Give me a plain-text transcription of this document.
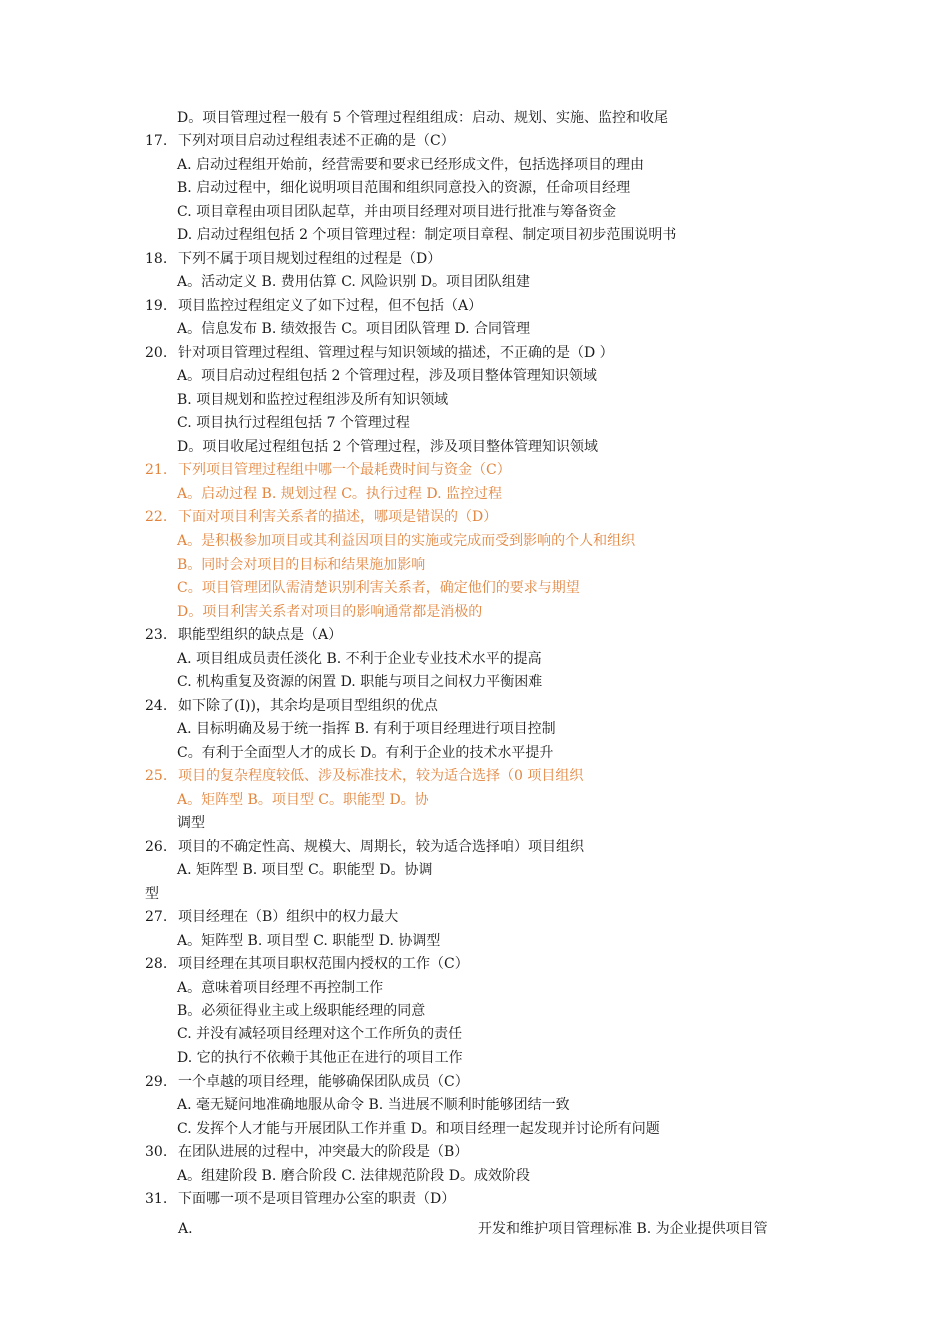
D。项目管理过程一般有 5 个管理过程组组成：启动、规划、实施、监控和收尾
17. 下列对项目启动过程组表述不正确的是（C）
A. 启动过程组开始前，经营需要和要求已经形成文件，包括选择项目的理由
B. 启动过程中，细化说明项目范围和组织同意投入的资源，任命项目经理
C. 项目章程由项目团队起草，并由项目经理对项目进行批准与筹备资金
D. 启动过程组包括 2 个项目管理过程：制定项目章程、制定项目初步范围说明书
18. 下列不属于项目规划过程组的过程是（D）
A。活动定义 B. 费用估算 C. 风险识别 D。项目团队组建
19. 项目监控过程组定义了如下过程，但不包括（A）
A。信息发布 B. 绩效报告 C。项目团队管理 D. 合同管理
20. 针对项目管理过程组、管理过程与知识领域的描述，不正确的是（D ）
A。项目启动过程组包括 2 个管理过程，涉及项目整体管理知识领域
B. 项目规划和监控过程组涉及所有知识领域
C. 项目执行过程组包括 7 个管理过程
D。项目收尾过程组包括 2 个管理过程，涉及项目整体管理知识领域
21. 下列项目管理过程组中哪一个最耗费时间与资金（C）
A。启动过程 B. 规划过程 C。执行过程 D. 监控过程
22. 下面对项目利害关系者的描述，哪项是错误的（D）
A。是积极参加项目或其利益因项目的实施或完成而受到影响的个人和组织
B。同时会对项目的目标和结果施加影响
C。项目管理团队需清楚识别利害关系者，确定他们的要求与期望
D。项目利害关系者对项目的影响通常都是消极的
23. 职能型组织的缺点是（A）
A. 项目组成员责任淡化 B. 不利于企业专业技术水平的提高
C. 机构重复及资源的闲置 D. 职能与项目之间权力平衡困难
24. 如下除了(I))，其余均是项目型组织的优点
A. 目标明确及易于统一指挥 B. 有利于项目经理进行项目控制
C。有利于全面型人才的成长 D。有利于企业的技术水平提升
25. 项目的复杂程度较低、涉及标准技术，较为适合选择（0 项目组织
A。矩阵型 B。项目型 C。职能型 D。协
调型
26. 项目的不确定性高、规模大、周期长，较为适合选择咱）项目组织
A. 矩阵型 B. 项目型 C。职能型 D。协调
型
27. 项目经理在（B）组织中的权力最大
A。矩阵型 B. 项目型 C. 职能型 D. 协调型
28. 项目经理在其项目职权范围内授权的工作（C）
A。意味着项目经理不再控制工作
B。必须征得业主或上级职能经理的同意
C. 并没有减轻项目经理对这个工作所负的责任
D. 它的执行不依赖于其他正在进行的项目工作
29. 一个卓越的项目经理，能够确保团队成员（C）
A. 毫无疑问地准确地服从命令 B. 当进展不顺利时能够团结一致
C. 发挥个人才能与开展团队工作并重 D。和项目经理一起发现并讨论所有问题
30. 在团队进展的过程中，冲突最大的阶段是（B）
A。组建阶段 B. 磨合阶段 C. 法律规范阶段 D。成效阶段
31. 下面哪一项不是项目管理办公室的职责（D）
A.	开发和维护项目管理标准 B. 为企业提供项目管
